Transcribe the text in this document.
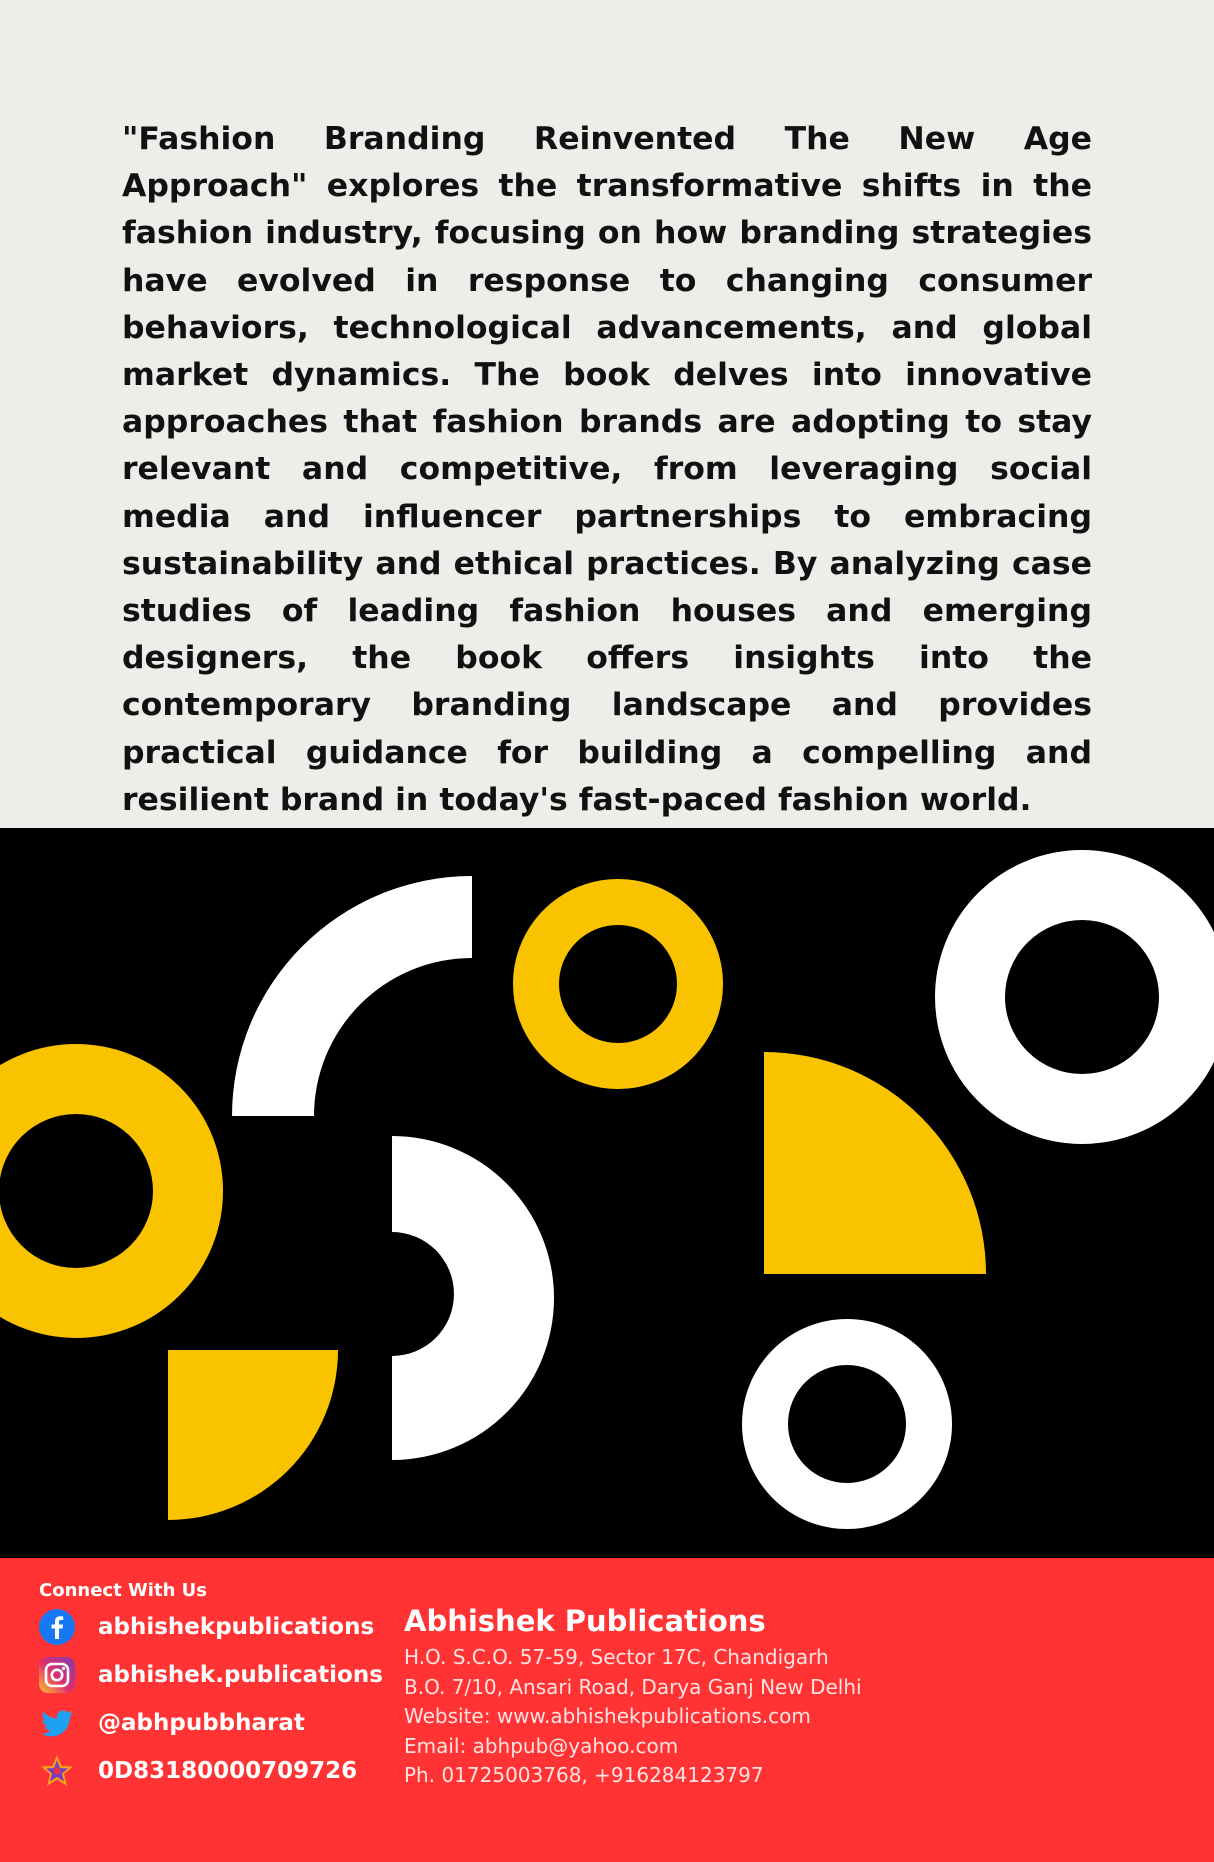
"Fashion Branding Reinvented The New Age Approach" explores the transformative shifts in the fashion industry, focusing on how branding strategies have evolved in response to changing consumer behaviors, technological advancements, and global market dynamics. The book delves into innovative approaches that fashion brands are adopting to stay relevant and competitive, from leveraging social media and influencer partnerships to embracing sustainability and ethical practices. By analyzing case studies of leading fashion houses and emerging designers, the book offers insights into the contemporary branding landscape and provides practical guidance for building a compelling and resilient brand in today's fast-paced fashion world.

Connect With Us
abhishekpublications
abhishek.publications
@abhpubbharat
0D83180000709726
Abhishek Publications
H.O. S.C.O. 57-59, Sector 17C, Chandigarh
B.O. 7/10, Ansari Road, Darya Ganj New Delhi
Website: www.abhishekpublications.com
Email: abhpub@yahoo.com
Ph. 01725003768, +916284123797
